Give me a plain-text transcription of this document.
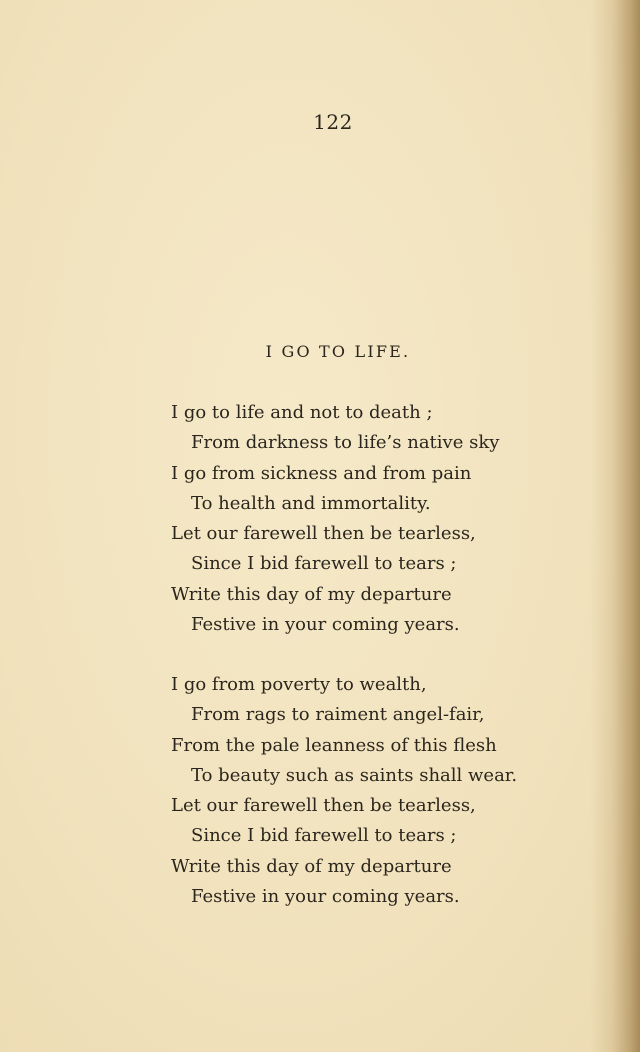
122
I GO TO LIFE.
I go to life and not to death ;
From darkness to life’s native sky
I go from sickness and from pain
To health and immortality.
Let our farewell then be tearless,
Since I bid farewell to tears ;
Write this day of my departure
Festive in your coming years.
I go from poverty to wealth,
From rags to raiment angel-fair,
From the pale leanness of this flesh
To beauty such as saints shall wear.
Let our farewell then be tearless,
Since I bid farewell to tears ;
Write this day of my departure
Festive in your coming years.
